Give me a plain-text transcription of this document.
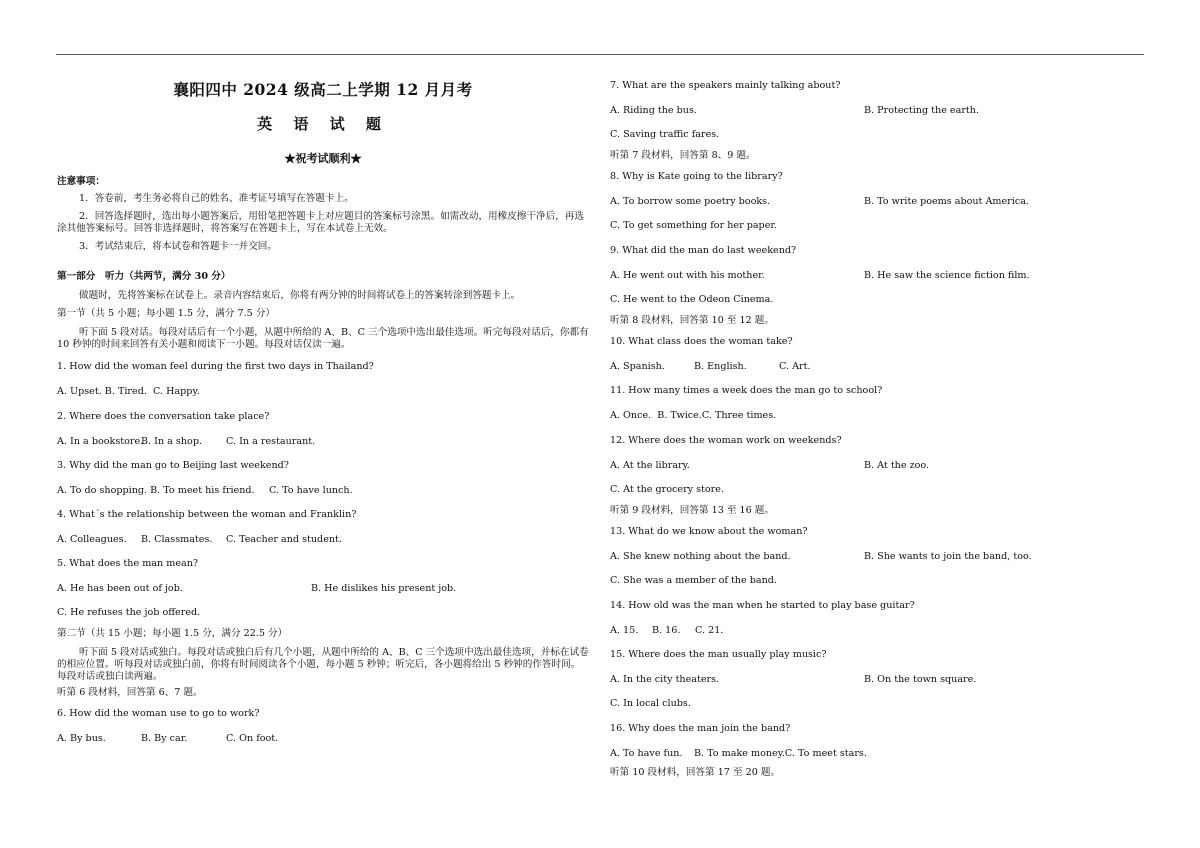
襄阳四中 2024 级高二上学期 12 月月考
英 语 试 题
★祝考试顺利★
注意事项：
1．答卷前，考生务必将自己的姓名、准考证号填写在答题卡上。
2．回答选择题时，选出每小题答案后，用铅笔把答题卡上对应题目的答案标号涂黑。如需改动，用橡皮擦干净后，再选涂其他答案标号。回答非选择题时，将答案写在答题卡上，写在本试卷上无效。
3．考试结束后，将本试卷和答题卡一并交回。
第一部分　听力（共两节，满分 30 分）
做题时，先将答案标在试卷上。录音内容结束后，你将有两分钟的时间将试卷上的答案转涂到答题卡上。
第一节（共 5 小题；每小题 1.5 分，满分 7.5 分）
听下面 5 段对话。每段对话后有一个小题，从题中所给的 A、B、C 三个选项中选出最佳选项。听完每段对话后，你都有 10 秒钟的时间来回答有关小题和阅读下一小题。每段对话仅读一遍。
1. How did the woman feel during the first two days in Thailand?
A. Upset. B. Tired.  C. Happy.
2. Where does the conversation take place?
A. In a bookstore.
B. In a shop. C. In a restaurant.
3. Why did the man go to Beijing last weekend?
A. To do shopping. B. To meet his friend. C. To have lunch.
4. What´s the relationship between the woman and Franklin?
A. Colleagues. B. Classmates. C. Teacher and student.
5. What does the man mean?
A. He has been out of job.	B. He dislikes his present job.
C. He refuses the job offered.
第二节（共 15 小题；每小题 1.5 分，满分 22.5 分）
听下面 5 段对话或独白。每段对话或独白后有几个小题，从题中所给的 A、B、C 三个选项中选出最佳选项，并标在试卷的相应位置。听每段对话或独白前，你将有时间阅读各个小题，每小题 5 秒钟；听完后，各小题将给出 5 秒钟的作答时间。每段对话或独白读两遍。
听第 6 段材料，回答第 6、7 题。
6. How did the woman use to go to work?
A. By bus.	B. By car.	C. On foot.
7. What are the speakers mainly talking about?
A. Riding the bus.	B. Protecting the earth.
C. Saving traffic fares.
听第 7 段材料，回答第 8、9 题。
8. Why is Kate going to the library?
A. To borrow some poetry books.	B. To write poems about America.
C. To get something for her paper.
9. What did the man do last weekend?
A. He went out with his mother.	B. He saw the science fiction film.
C. He went to the Odeon Cinema.
听第 8 段材料，回答第 10 至 12 题。
10. What class does the woman take?
A. Spanish.	B. English.	C. Art.
11. How many times a week does the man go to school?
A. Once.  B. Twice.C. Three times.
12. Where does the woman work on weekends?
A. At the library.	B. At the zoo.
C. At the grocery store.
听第 9 段材料，回答第 13 至 16 题。
13. What do we know about the woman?
A. She knew nothing about the band.	B. She wants to join the band, too.
C. She was a member of the band.
14. How old was the man when he started to play base guitar?
A. 15. B. 16. C. 21.
15. Where does the man usually play music?
A. In the city theaters.	B. On the town square.
C. In local clubs.
16. Why does the man join the band?
A. To have fun. B. To make money.C. To meet stars.
听第 10 段材料，回答第 17 至 20 题。
